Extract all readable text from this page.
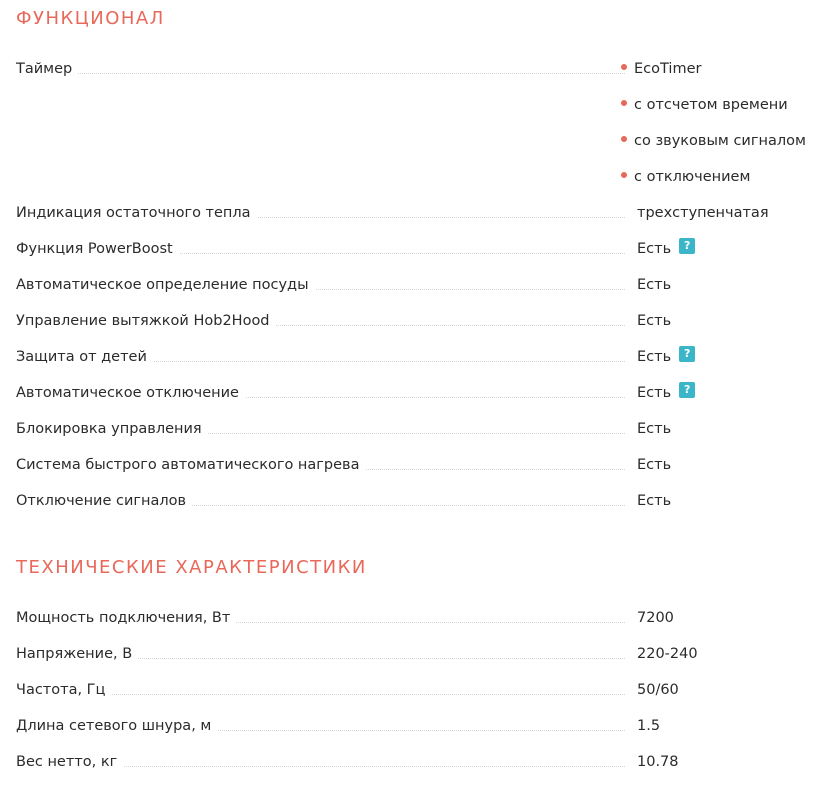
ФУНКЦИОНАЛ
Таймер	EcoTimer
с отсчетом времени
со звуковым сигналом
с отключением
Индикация остаточного тепла	трехступенчатая
Функция PowerBoost	Есть ?
Автоматическое определение посуды	Есть
Управление вытяжкой Hob2Hood	Есть
Защита от детей	Есть ?
Автоматическое отключение	Есть ?
Блокировка управления	Есть
Система быстрого автоматического нагрева	Есть
Отключение сигналов	Есть
ТЕХНИЧЕСКИЕ ХАРАКТЕРИСТИКИ
Мощность подключения, Вт	7200
Напряжение, В	220-240
Частота, Гц	50/60
Длина сетевого шнура, м	1.5
Вес нетто, кг	10.78
